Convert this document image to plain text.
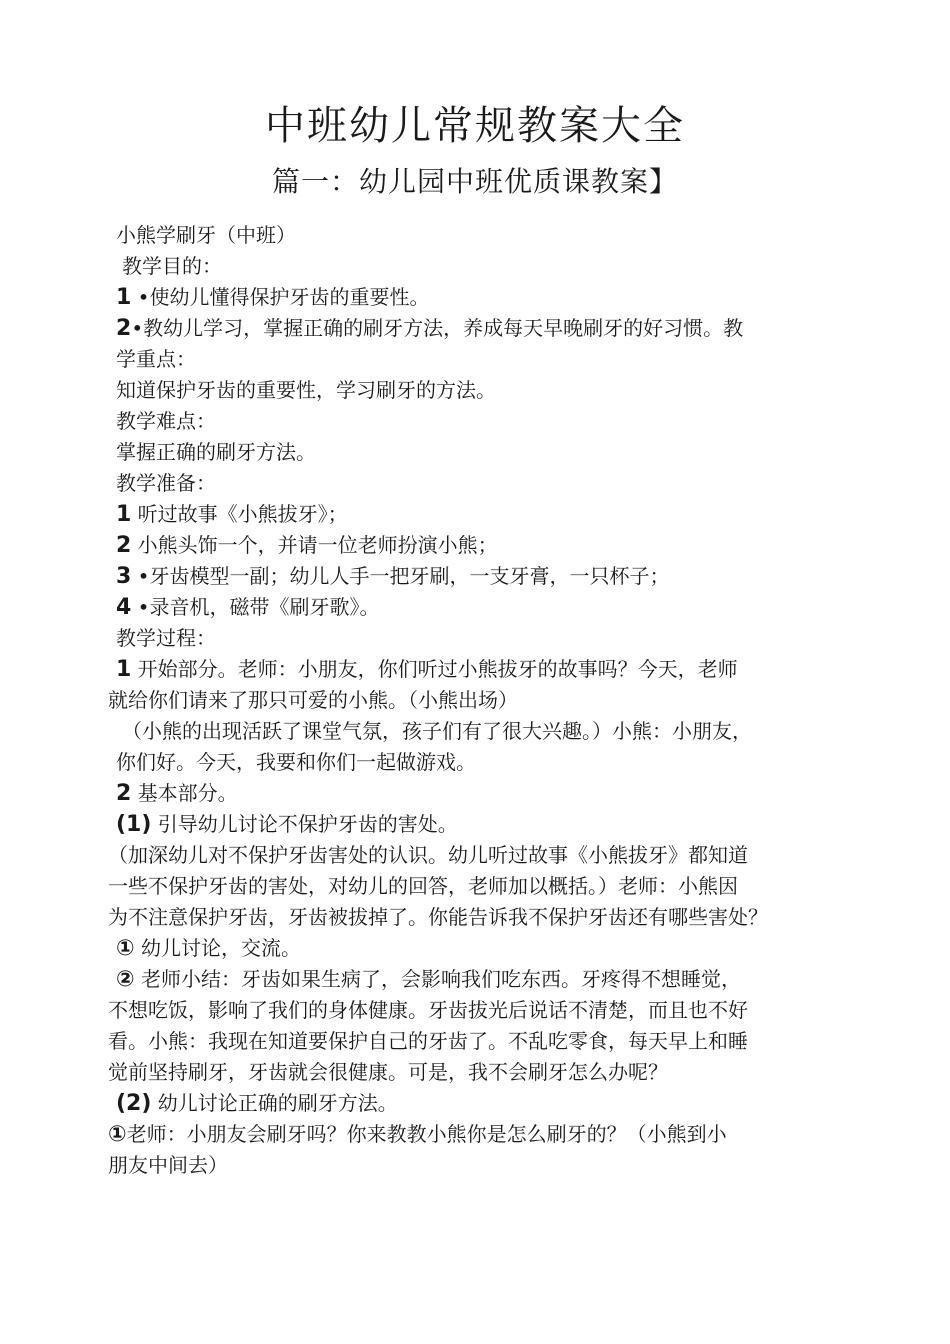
中班幼儿常规教案大全
篇一：幼儿园中班优质课教案】
小熊学刷牙（中班）
教学目的：
1 •使幼儿懂得保护牙齿的重要性。
2•教幼儿学习，掌握正确的刷牙方法，养成每天早晚刷牙的好习惯。教
学重点：
知道保护牙齿的重要性，学习刷牙的方法。
教学难点：
掌握正确的刷牙方法。
教学准备：
1 听过故事《小熊拔牙》；
2 小熊头饰一个，并请一位老师扮演小熊；
3 •牙齿模型一副；幼儿人手一把牙刷，一支牙膏，一只杯子；
4 •录音机，磁带《刷牙歌》。
教学过程：
1 开始部分。老师：小朋友，你们听过小熊拔牙的故事吗？今天，老师
就给你们请来了那只可爱的小熊。（小熊出场）
（小熊的出现活跃了课堂气氛，孩子们有了很大兴趣。）小熊：小朋友，
你们好。今天，我要和你们一起做游戏。
2 基本部分。
(1) 引导幼儿讨论不保护牙齿的害处。
（加深幼儿对不保护牙齿害处的认识。幼儿听过故事《小熊拔牙》都知道
一些不保护牙齿的害处，对幼儿的回答，老师加以概括。）老师：小熊因
为不注意保护牙齿，牙齿被拔掉了。你能告诉我不保护牙齿还有哪些害处？
① 幼儿讨论，交流。
② 老师小结：牙齿如果生病了，会影响我们吃东西。牙疼得不想睡觉，
不想吃饭，影响了我们的身体健康。牙齿拔光后说话不清楚，而且也不好
看。小熊：我现在知道要保护自己的牙齿了。不乱吃零食，每天早上和睡
觉前坚持刷牙，牙齿就会很健康。可是，我不会刷牙怎么办呢？
(2) 幼儿讨论正确的刷牙方法。
①老师：小朋友会刷牙吗？你来教教小熊你是怎么刷牙的？（小熊到小
朋友中间去）
